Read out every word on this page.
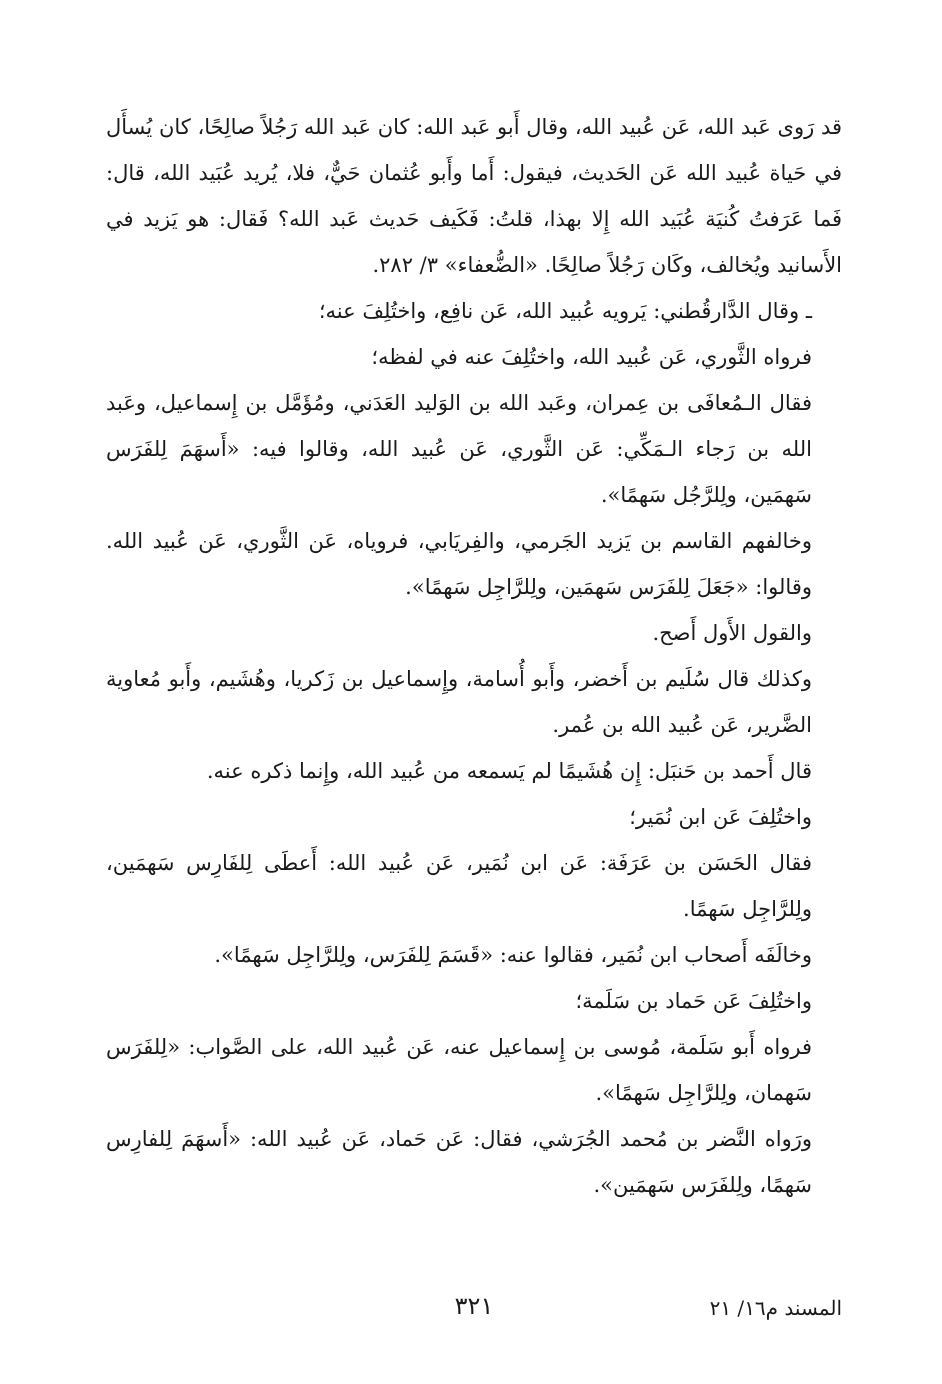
قد رَوى عَبد الله، عَن عُبيد الله، وقال أَبو عَبد الله: كان عَبد الله رَجُلاً صالِحًا، كان يُسأَل في حَياة عُبيد الله عَن الحَديث، فيقول: أَما وأَبو عُثمان حَيٌّ، فلا، يُريد عُبَيد الله، قال: فَما عَرَفتُ كُنيَة عُبَيد الله إِلا بهذا، قلتُ: فَكَيف حَديث عَبد الله؟ فَقال: هو يَزيد في الأَسانيد ويُخالف، وكَان رَجُلاً صالِحًا. «الضُّعفاء» ٣/ ٢٨٢.

ـ وقال الدَّارقُطني: يَرويه عُبيد الله، عَن نافِع، واختُلِفَ عنه؛

فرواه الثَّوري، عَن عُبيد الله، واختُلِفَ عنه في لفظه؛

فقال الـمُعافَى بن عِمران، وعَبد الله بن الوَليد العَدَني، ومُؤَمَّل بن إِسماعيل، وعَبد الله بن رَجاء الـمَكِّي: عَن الثَّوري، عَن عُبيد الله، وقالوا فيه: «أَسهَمَ لِلفَرَس سَهمَين، ولِلرَّجُل سَهمًا».

وخالفهم القاسم بن يَزيد الجَرمي، والفِريَابي، فروياه، عَن الثَّوري، عَن عُبيد الله. وقالوا: «جَعَلَ لِلفَرَس سَهمَين، ولِلرَّاجِل سَهمًا».

والقول الأَول أَصح.

وكذلك قال سُلَيم بن أَخضر، وأَبو أُسامة، وإِسماعيل بن زَكريا، وهُشَيم، وأَبو مُعاوية الضَّرير، عَن عُبيد الله بن عُمر.

قال أَحمد بن حَنبَل: إِن هُشَيمًا لم يَسمعه من عُبيد الله، وإِنما ذكره عنه.

واختُلِفَ عَن ابن نُمَير؛

فقال الحَسَن بن عَرَفَة: عَن ابن نُمَير، عَن عُبيد الله: أَعطَى لِلفَارِس سَهمَين، ولِلرَّاجِل سَهمًا.

وخالَفَه أَصحاب ابن نُمَير، فقالوا عنه: «قَسَمَ لِلفَرَس، ولِلرَّاجِل سَهمًا».

واختُلِفَ عَن حَماد بن سَلَمة؛

فرواه أَبو سَلَمة، مُوسى بن إِسماعيل عنه، عَن عُبيد الله، على الصَّواب: «لِلفَرَس سَهمان، ولِلرَّاجِل سَهمًا».

ورَواه النَّضر بن مُحمد الجُرَشي، فقال: عَن حَماد، عَن عُبيد الله: «أَسهَمَ لِلفارِس سَهمًا، ولِلفَرَس سَهمَين».

المسند م١٦/ ٢١
٣٢١
